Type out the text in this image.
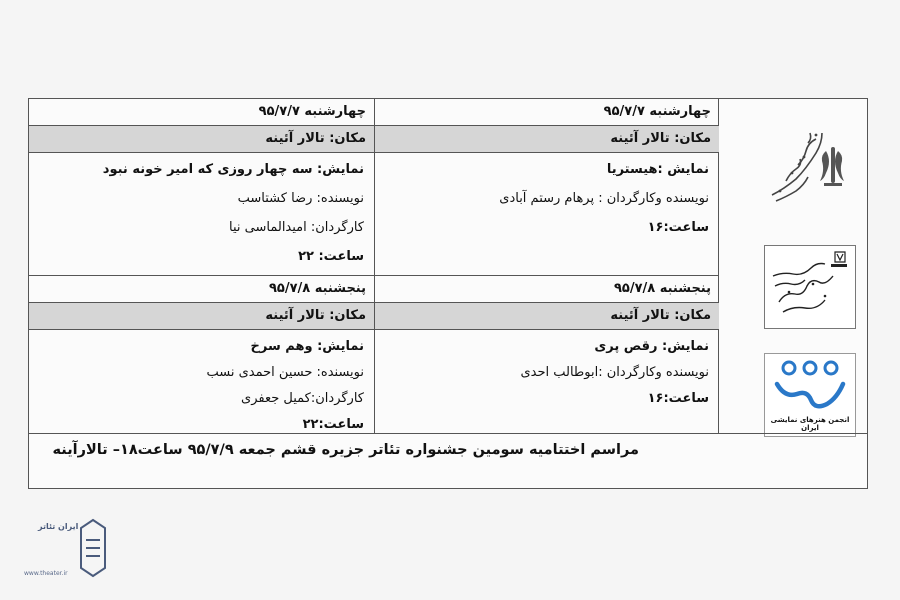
چهارشنبه ۹۵/۷/۷
مکان: تالار آئینه
نمایش :هیستریا
نویسنده وکارگردان : پرهام رستم آبادی
ساعت:۱۶
چهارشنبه ۹۵/۷/۷
مکان: تالار آئینه
نمایش: سه چهار روزی که امیر خونه نبود
نویسنده: رضا کشتاسب
کارگردان: امیدالماسی نیا
ساعت: ۲۲
پنجشنبه ۹۵/۷/۸
مکان: تالار آئینه
نمایش: رقص پری
نویسنده وکارگردان :ابوطالب احدی
ساعت:۱۶
پنجشنبه ۹۵/۷/۸
مکان: تالار آئینه
نمایش: وهم سرخ
نویسنده: حسین احمدی نسب
کارگردان:کمیل جعفری
ساعت:۲۲	انجمن هنرهای نمایشی ایران
مراسم اختتامیه سومین جشنواره تئاتر جزیره قشم جمعه ۹۵/۷/۹ ساعت۱۸– تالارآینه
ایران تئاتر
www.theater.ir
